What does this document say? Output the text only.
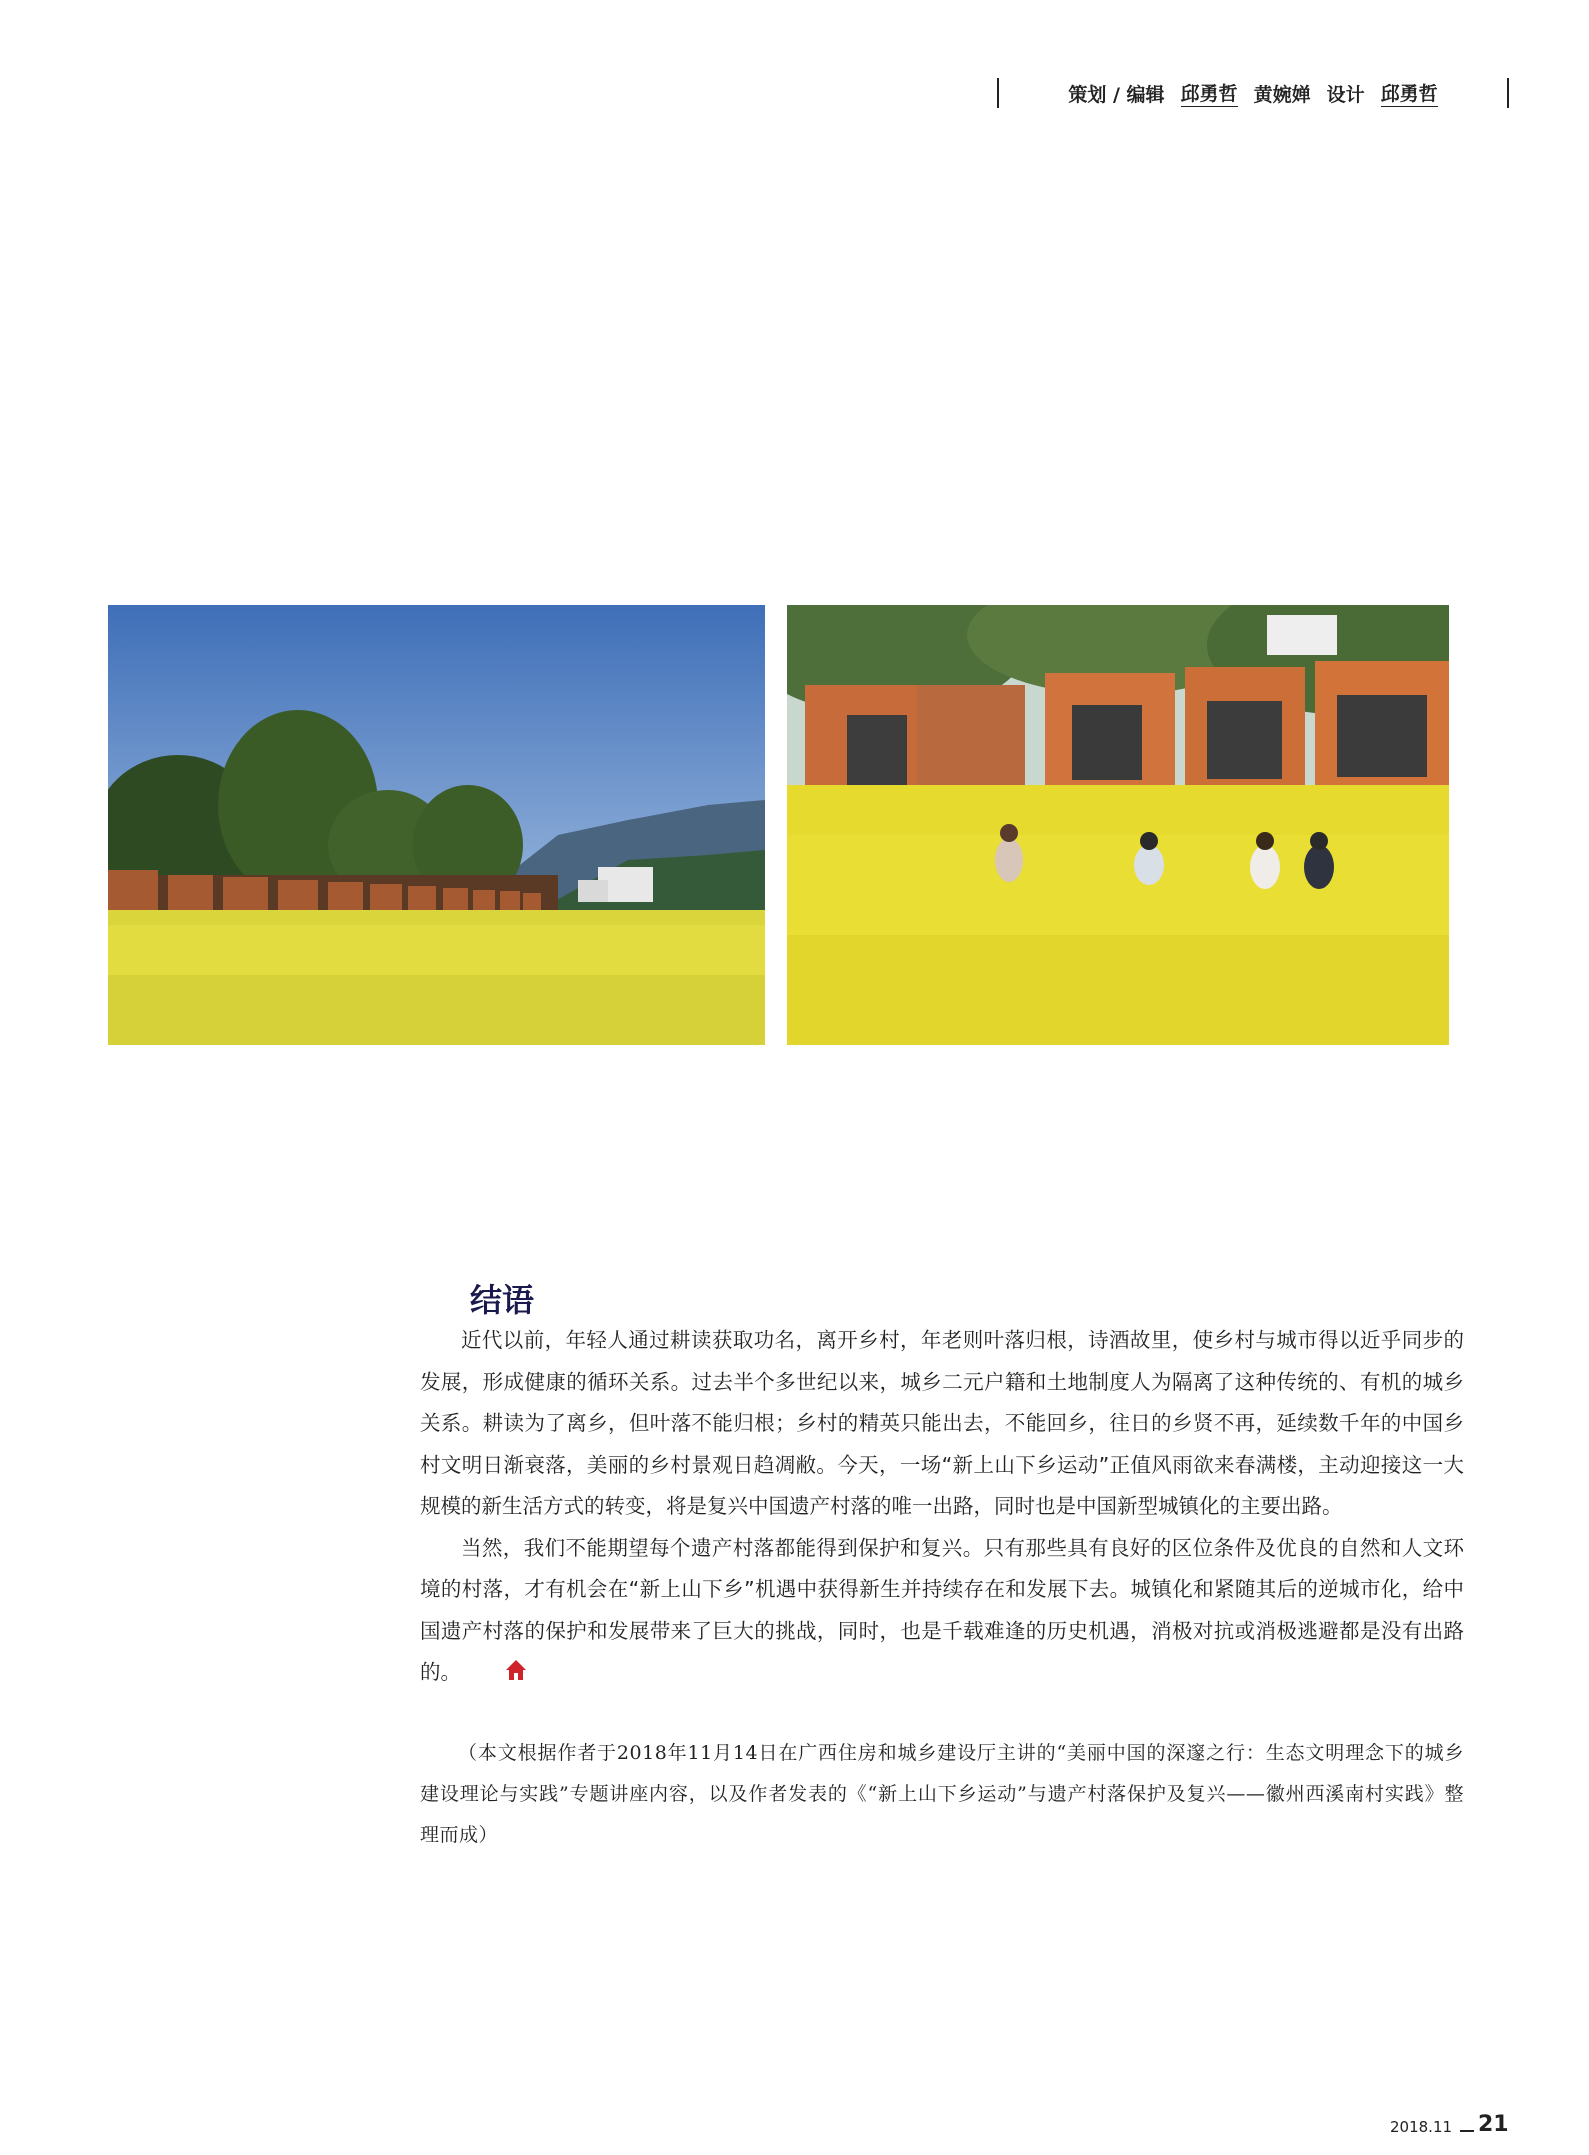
策划 / 编辑 邱勇哲 黄婉婵 设计 邱勇哲
结语

近代以前，年轻人通过耕读获取功名，离开乡村，年老则叶落归根，诗酒故里，使乡村与城市得以近乎同步的发展，形成健康的循环关系。过去半个多世纪以来，城乡二元户籍和土地制度人为隔离了这种传统的、有机的城乡关系。耕读为了离乡，但叶落不能归根；乡村的精英只能出去，不能回乡，往日的乡贤不再，延续数千年的中国乡村文明日渐衰落，美丽的乡村景观日趋凋敝。今天，一场“新上山下乡运动”正值风雨欲来春满楼，主动迎接这一大规模的新生活方式的转变，将是复兴中国遗产村落的唯一出路，同时也是中国新型城镇化的主要出路。

当然，我们不能期望每个遗产村落都能得到保护和复兴。只有那些具有良好的区位条件及优良的自然和人文环境的村落，才有机会在“新上山下乡”机遇中获得新生并持续存在和发展下去。城镇化和紧随其后的逆城市化，给中国遗产村落的保护和发展带来了巨大的挑战，同时，也是千载难逢的历史机遇，消极对抗或消极逃避都是没有出路的。

（本文根据作者于2018年11月14日在广西住房和城乡建设厅主讲的“美丽中国的深邃之行：生态文明理念下的城乡建设理论与实践”专题讲座内容，以及作者发表的《“新上山下乡运动”与遗产村落保护及复兴——徽州西溪南村实践》整理而成）

2018.11 21
